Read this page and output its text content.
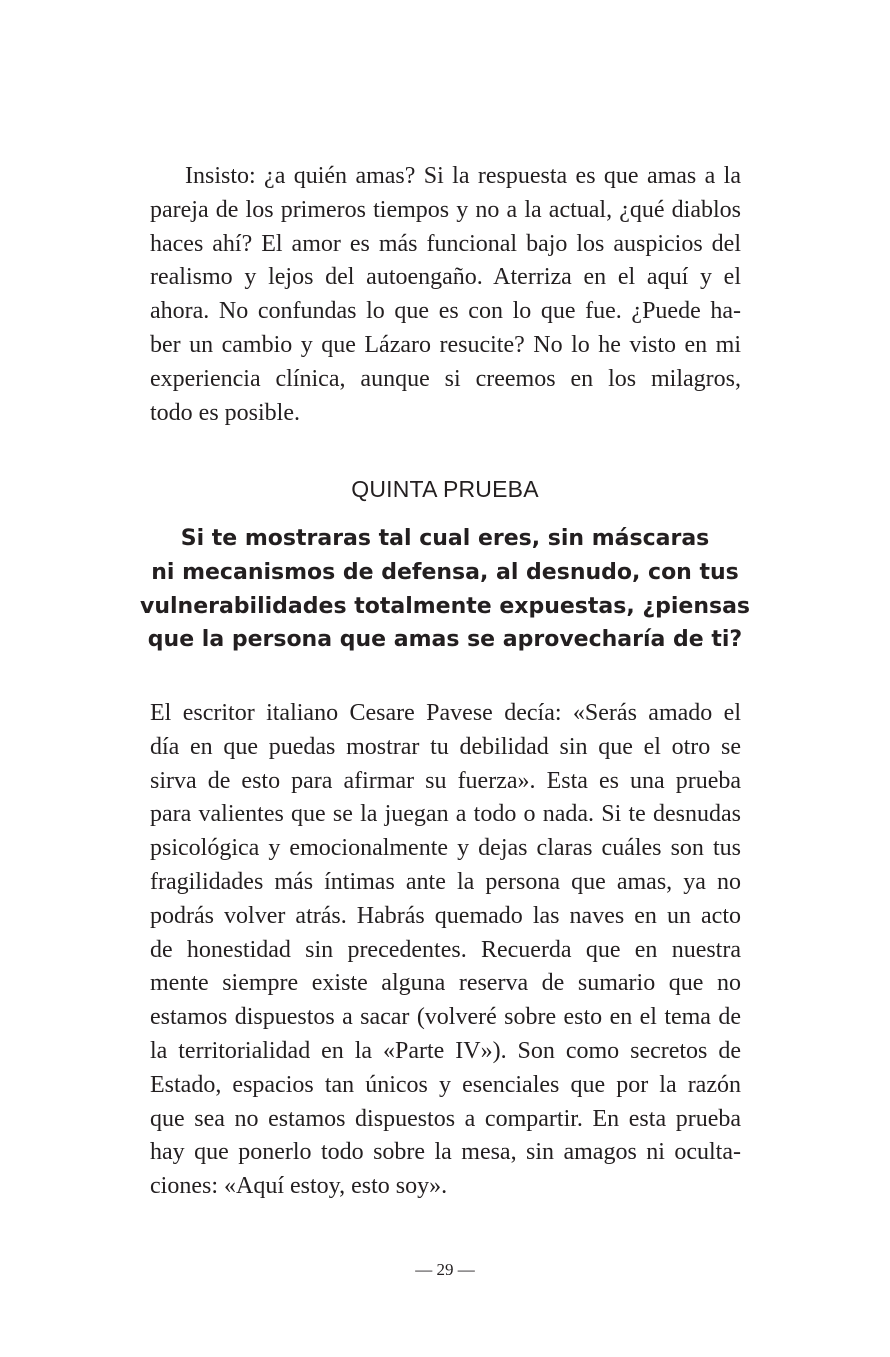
Insisto: ¿a quién amas? Si la respuesta es que amas a la
pareja de los primeros tiempos y no a la actual, ¿qué diablos
haces ahí? El amor es más funcional bajo los auspicios del
realismo y lejos del autoengaño. Aterriza en el aquí y el
ahora. No confundas lo que es con lo que fue. ¿Puede ha-
ber un cambio y que Lázaro resucite? No lo he visto en mi
experiencia clínica, aunque si creemos en los milagros,
todo es posible.
QUINTA PRUEBA
Si te mostraras tal cual eres, sin máscaras
ni mecanismos de defensa, al desnudo, con tus
vulnerabilidades totalmente expuestas, ¿piensas
que la persona que amas se aprovecharía de ti?
El escritor italiano Cesare Pavese decía: «Serás amado el
día en que puedas mostrar tu debilidad sin que el otro se
sirva de esto para afirmar su fuerza». Esta es una prueba
para valientes que se la juegan a todo o nada. Si te desnudas
psicológica y emocionalmente y dejas claras cuáles son tus
fragilidades más íntimas ante la persona que amas, ya no
podrás volver atrás. Habrás quemado las naves en un acto
de honestidad sin precedentes. Recuerda que en nuestra
mente siempre existe alguna reserva de sumario que no
estamos dispuestos a sacar (volveré sobre esto en el tema de
la territorialidad en la «Parte IV»). Son como secretos de
Estado, espacios tan únicos y esenciales que por la razón
que sea no estamos dispuestos a compartir. En esta prueba
hay que ponerlo todo sobre la mesa, sin amagos ni oculta-
ciones: «Aquí estoy, esto soy».
— 29 —
